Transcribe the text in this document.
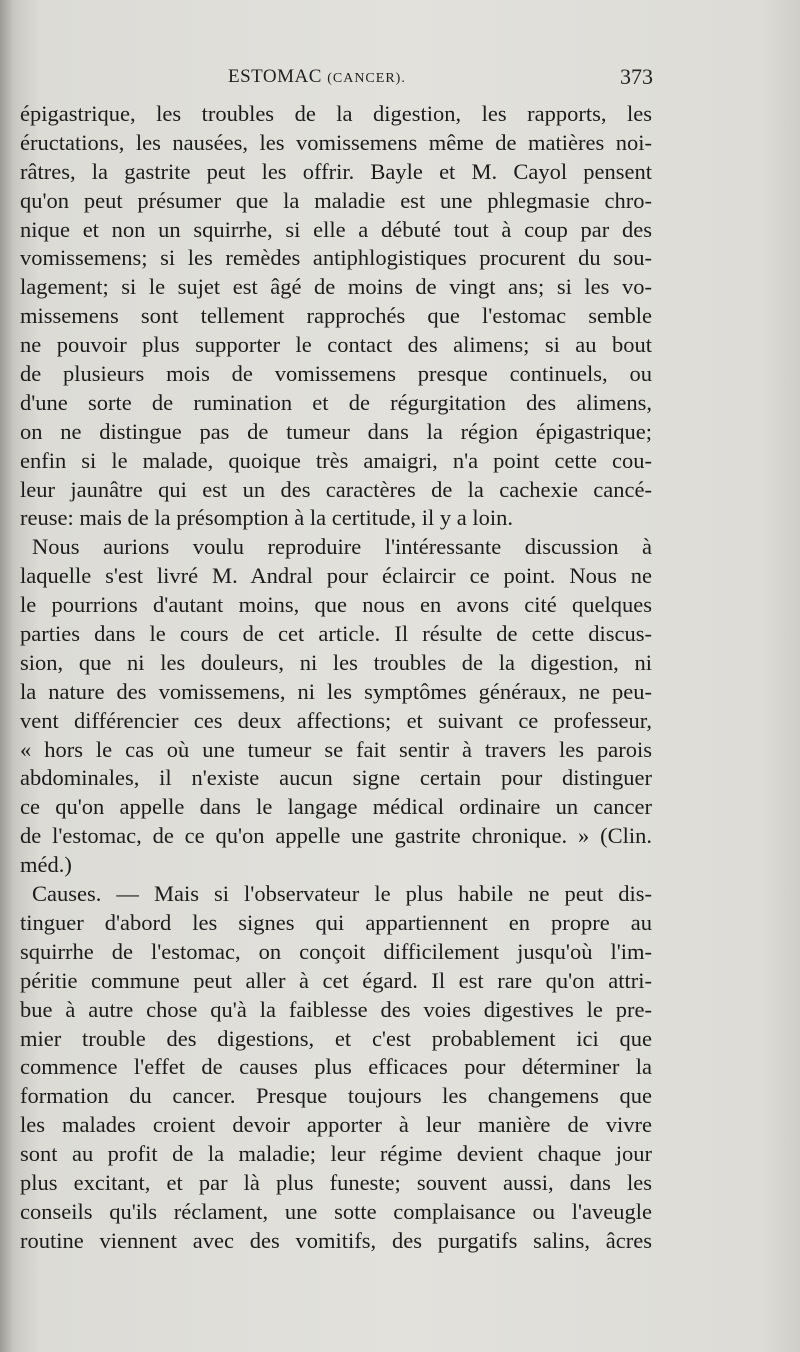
ESTOMAC (CANCER).	373
épigastrique, les troubles de la digestion, les rapports, les
éructations, les nausées, les vomissemens même de matières noi-
râtres, la gastrite peut les offrir. Bayle et M. Cayol pensent
qu'on peut présumer que la maladie est une phlegmasie chro-
nique et non un squirrhe, si elle a débuté tout à coup par des
vomissemens; si les remèdes antiphlogistiques procurent du sou-
lagement; si le sujet est âgé de moins de vingt ans; si les vo-
missemens sont tellement rapprochés que l'estomac semble
ne pouvoir plus supporter le contact des alimens; si au bout
de plusieurs mois de vomissemens presque continuels, ou
d'une sorte de rumination et de régurgitation des alimens,
on ne distingue pas de tumeur dans la région épigastrique;
enfin si le malade, quoique très amaigri, n'a point cette cou-
leur jaunâtre qui est un des caractères de la cachexie cancé-
reuse: mais de la présomption à la certitude, il y a loin.
Nous aurions voulu reproduire l'intéressante discussion à
laquelle s'est livré M. Andral pour éclaircir ce point. Nous ne
le pourrions d'autant moins, que nous en avons cité quelques
parties dans le cours de cet article. Il résulte de cette discus-
sion, que ni les douleurs, ni les troubles de la digestion, ni
la nature des vomissemens, ni les symptômes généraux, ne peu-
vent différencier ces deux affections; et suivant ce professeur,
« hors le cas où une tumeur se fait sentir à travers les parois
abdominales, il n'existe aucun signe certain pour distinguer
ce qu'on appelle dans le langage médical ordinaire un cancer
de l'estomac, de ce qu'on appelle une gastrite chronique. » (Clin.
méd.)
Causes. — Mais si l'observateur le plus habile ne peut dis-
tinguer d'abord les signes qui appartiennent en propre au
squirrhe de l'estomac, on conçoit difficilement jusqu'où l'im-
péritie commune peut aller à cet égard. Il est rare qu'on attri-
bue à autre chose qu'à la faiblesse des voies digestives le pre-
mier trouble des digestions, et c'est probablement ici que
commence l'effet de causes plus efficaces pour déterminer la
formation du cancer. Presque toujours les changemens que
les malades croient devoir apporter à leur manière de vivre
sont au profit de la maladie; leur régime devient chaque jour
plus excitant, et par là plus funeste; souvent aussi, dans les
conseils qu'ils réclament, une sotte complaisance ou l'aveugle
routine viennent avec des vomitifs, des purgatifs salins, âcres
